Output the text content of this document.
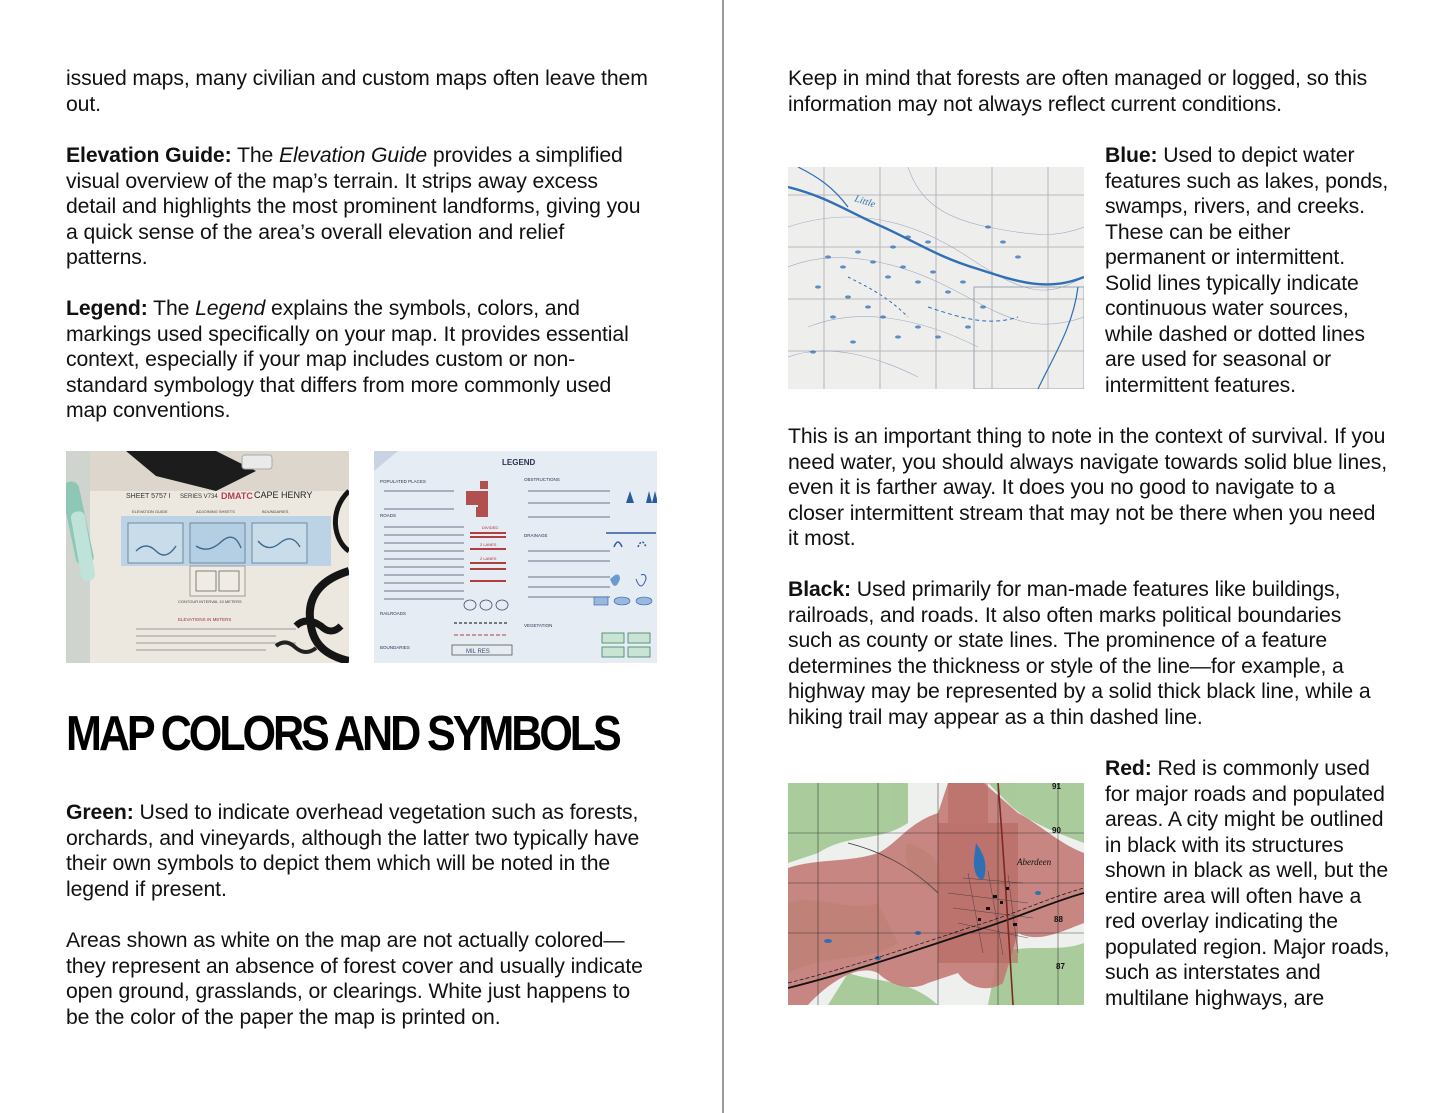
issued maps, many civilian and custom maps often leave them out.

Elevation Guide: The Elevation Guide provides a simplified visual overview of the map’s terrain. It strips away excess detail and highlights the most prominent landforms, giving you a quick sense of the area’s overall elevation and relief patterns.

Legend: The Legend explains the symbols, colors, and markings used specifically on your map. It provides essential context, especially if your map includes custom or non-standard symbology that differs from more commonly used map conventions.

SHEET 5757 I SERIES V734 DMATC CAPE HENRY
ELEVATION GUIDE	ADJOINING SHEETS	BOUNDARIES
CONTOUR INTERVAL 10 METERS
ELEVATIONS IN METERS
LEGEND
POPULATED PLACES
ROADS
DIVIDED
2 LANES
2 LANES
RAILROADS
BOUNDARIES
MIL RES
OBSTRUCTIONS
DRAINAGE
VEGETATION
MAP COLORS AND SYMBOLS

Green: Used to indicate overhead vegetation such as forests, orchards, and vineyards, although the latter two typically have their own symbols to depict them which will be noted in the legend if present.

Areas shown as white on the map are not actually colored—they represent an absence of forest cover and usually indicate open ground, grasslands, or clearings. White just happens to be the color of the paper the map is printed on.

Keep in mind that forests are often managed or logged, so this information may not always reflect current conditions.

Little

Blue: Used to depict water features such as lakes, ponds, swamps, rivers, and creeks. These can be either permanent or intermittent. Solid lines typically indicate continuous water sources, while dashed or dotted lines are used for seasonal or intermittent features.

This is an important thing to note in the context of survival. If you need water, you should always navigate towards solid blue lines, even it is farther away. It does you no good to navigate to a closer intermittent stream that may not be there when you need it most.

Black: Used primarily for man-made features like buildings, railroads, and roads. It also often marks political boundaries such as county or state lines. The prominence of a feature determines the thickness or style of the line—for example, a highway may be represented by a solid thick black line, while a hiking trail may appear as a thin dashed line.

Aberdeen
91
90
88
87

Red: Red is commonly used for major roads and populated areas. A city might be outlined in black with its structures shown in black as well, but the entire area will often have a red overlay indicating the populated region. Major roads, such as interstates and multilane highways, are
